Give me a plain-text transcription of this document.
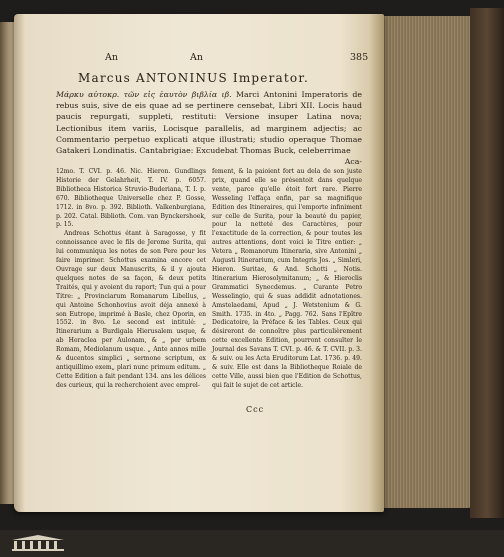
An	An	385
Marcus ANTONINUS Imperator.
Μάρκυ αὐτοκρ. τῶν εἰς ἑαυτὸν βιβλία ιβ. Marci Antonini Imperatoris de rebus suis, sive de eis quae ad se pertinere censebat, Libri XII. Locis haud paucis repurgati, suppleti, restituti: Versione insuper Latina nova; Lectionibus item variis, Locisque parallelis, ad marginem adjectis; ac Commentario perpetuo explicati atque illustrati; studio operaque Thomae Gatakeri Londinatis. Cantabrigiae: Excudebat Thomas Buck, celeberrimae
Aca-

12mo. T. CVI. p. 46. Nic. Hieron. Gundlings Historie der Gelahrheit, T. IV. p. 6057. Bibliotheca Historica Struvio-Buderiana, T. I. p. 670. Bibliotheque Universelle chez P. Gosse, 1712. in 8vo. p. 392. Biblioth. Valkenburgiana, p. 202. Catal. Biblioth. Com. van Bynckershoek, p. 15.

Andreas Schottus étant à Saragosse, y fit connoissance avec le fils de Jerome Surita, qui lui communiqua les notes de son Pere pour les faire imprimer. Schottus examina encore cet Ouvrage sur deux Manuscrits, & il y ajouta quelques notes de sa façon, & deux petits Traités, qui y avoient du raport; Tun qui a pour Titre: „ Provinciarum Romanarum Libellus, „ qui Antoine Schonhovius avoit déja annexé à son Eutrope, imprimé à Basle, chez Oporin, en 1552. in 8vo. Le second est intitulé: „ Itinerarium a Burdigala Hierusalem usque, & ab Heraclea per Aulonam, & „ per urbem Romam, Mediolanum usque. „ Ante annos mille & ducentos simplici „ sermone scriptum, ex antiquillimo exem„ plari nunc primum editum. „ Cette Edition a fait pendant 134. ans les délices des curieux, qui la recherchoient avec emprel-

fement, & la paioient fort au dela de son juste prix, quand elle se présentoit dans quelque vente, parce qu'elle étoit fort rare. Pierre Wesseling l'effaça enfin, par sa magnifique Edition des Itineraires, qui l'emporte infiniment sur celle de Surita, pour la beauté du papier, pour la netteté des Caractères, pour l'exactitude de la correction, & pour toutes les autres attentions, dont voici le Titre entier: „ Vetera „ Romanorum Itineraria, sive Antonini „ Augusti Itinerarium, cum Integris Jos. „ Simleri, Hieron. Suritae, & And. Schotti „ Notis. Itinerarium Hierosolymitanum; „ & Hieroclis Grammatici Synecdemus. „ Curante Petro Wesselingio, qui & suas addidit adnotationes. Amstelaedami, Apud „ J. Wetstenium & G. Smith. 1735. in 4to. „ Pagg. 762. Sans l'Epître Dedicatoire, la Préface & les Tables. Ceux qui désireront de connoître plus particulièrement cette excellente Edition, pourront consulter le Journal des Savans T. CVI. p. 46. & T. CVII. p. 3. & suiv. ou les Acta Eruditorum Lat. 1736. p. 49. & suiv. Elle est dans la Bibliotheque Roiale de cette Ville, aussi bien que l'Edition de Schottus, qui fait le sujet de cet article.

Ccc
